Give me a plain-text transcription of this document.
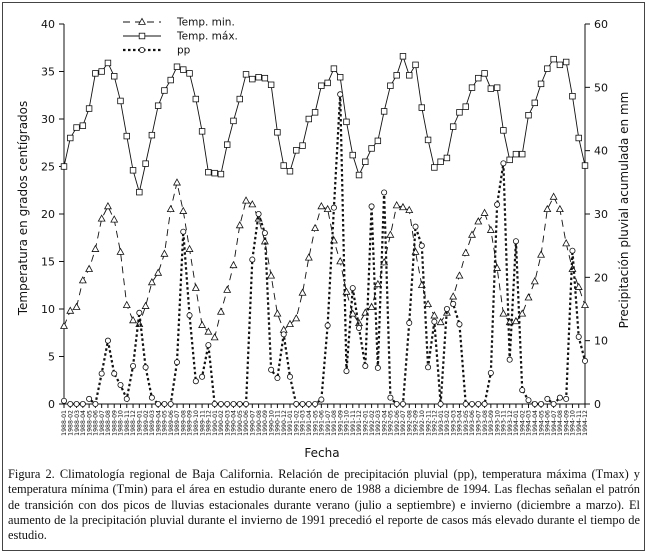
0
5
10
15
20
25
30
35
40
0
10
20
30
40
50
60
1988-01 1988-02 1988-03 1988-04 1988-05 1988-06 1988-07 1988-08 1988-09 1988-10 1988-11 1988-12 1989-01 1989-02 1989-03 1989-04 1989-05 1989-06 1989-07 1989-08 1989-09 1989-10 1989-11 1989-12 1990-01 1990-02 1990-03 1990-04 1990-05 1990-06 1990-07 1990-08 1990-09 1990-10 1990-11 1990-12 1991-01 1991-02 1991-03 1991-04 1991-05 1991-06 1991-07 1991-08 1991-09 1991-10 1991-11 1991-12 1992-01 1992-02 1992-03 1992-04 1992-05 1992-06 1992-07 1992-08 1992-09 1992-10 1992-11 1992-12 1993-01 1993-02 1993-03 1993-04 1993-05 1993-06 1993-07 1993-08 1993-09 1993-10 1993-11 1993-12 1994-01 1994-02 1994-03 1994-04 1994-05 1994-06 1994-07 1994-08 1994-09 1994-10 1994-11 1994-12
Temp. min.
Temp. máx.
pp
Fecha
Temperatura en grados centígrados	Precipitación pluvial acumulada en mm
Figura 2. Climatología regional de Baja California. Relación de precipitación pluvial (pp), temperatura máxima (Tmax) y temperatura mínima (Tmin) para el área en estudio durante enero de 1988 a diciembre de 1994. Las flechas señalan el patrón de transición con dos picos de lluvias estacionales durante verano (julio a septiembre) e invierno (diciembre a marzo). El aumento de la precipitación pluvial durante el invierno de 1991 precedió el reporte de casos más elevado durante el tiempo de estudio.
